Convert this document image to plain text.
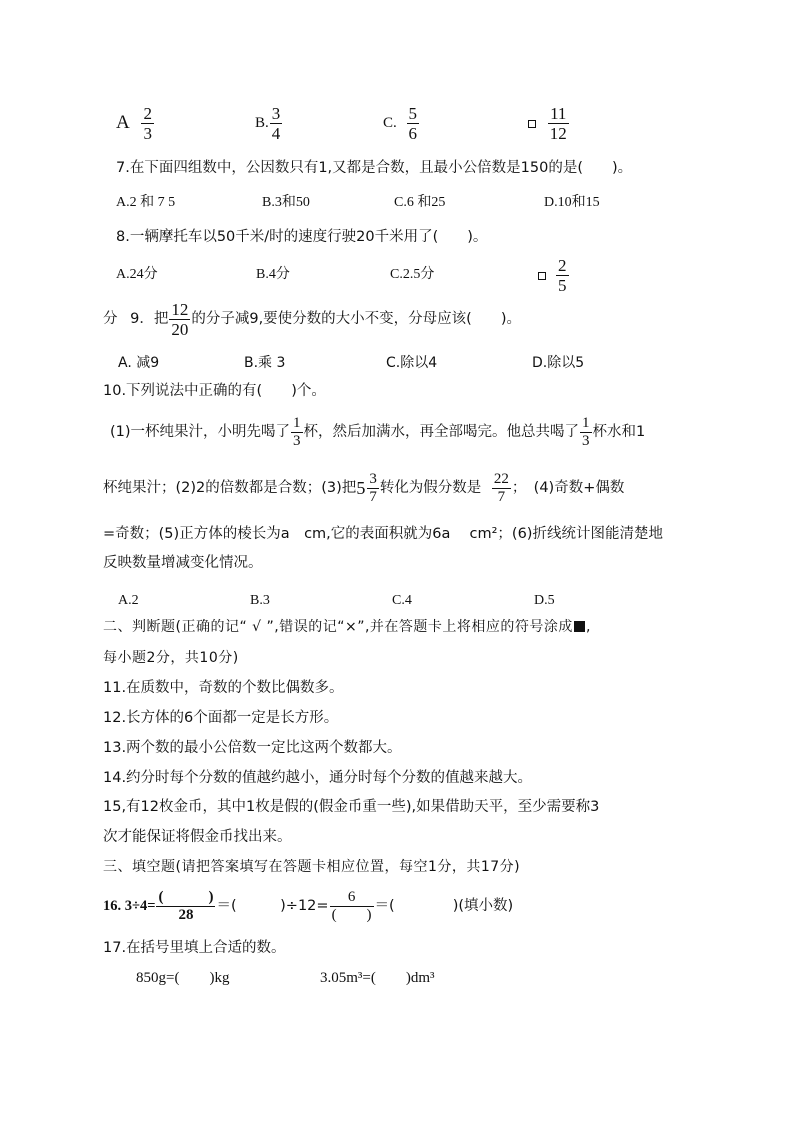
A $\frac{2}{3}$	B. $\frac{3}{4}$	C. $\frac{5}{6}$
	$\frac{11}{12}$
7.在下面四组数中，公因数只有1,又都是合数，且最小公倍数是150的是(　　)。
A.2 和 7 5	B.3和50	C.6 和25	D.10和15
8.一辆摩托车以50千米/时的速度行驶20千米用了(　　)。
A.24分	B.4分	C.2.5分
	$\frac{2}{5}$
分 9．把 $\frac{12}{20}$ 的分子减9,要使分数的大小不变，分母应该(　　)。
A. 减9	B.乘 3	C.除以4	D.除以5
10.下列说法中正确的有(　　)个。
(1)一杯纯果汁，小明先喝了 $\frac{1}{3}$ 杯，然后加满水，再全部喝完。他总共喝了 $\frac{1}{3}$ 杯水和1
杯纯果汁；(2)2的倍数都是合数；(3)把 $5 \frac{3}{7}$ 转化为假分数是 $\frac{22}{7}$ ；　(4)奇数+偶数
=奇数；(5)正方体的棱长为a　cm,它的表面积就为6a　 cm²；(6)折线统计图能清楚地
反映数量增减变化情况。
A.2	B.3	C.4	D.5
二、判断题(正确的记“ √ ”,错误的记“×”,并在答题卡上将相应的符号涂成 ,
每小题2分，共10分)
11.在质数中，奇数的个数比偶数多。
12.长方体的6个面都一定是长方形。
13.两个数的最小公倍数一定比这两个数都大。
14.约分时每个分数的值越约越小，通分时每个分数的值越来越大。
15,有12枚金币，其中1枚是假的(假金币重一些),如果借助天平，至少需要称3
次才能保证将假金币找出来。
三、填空题(请把答案填写在答题卡相应位置，每空1分，共17分)
16. $3\div 4= \frac{( )}{28}$ ＝(　　　)$\div 12= \frac{6}{( )}$ ＝(　　　　)(填小数)
17.在括号里填上合适的数。
850g=(　　)kg	3.05m³=(　　)dm³
